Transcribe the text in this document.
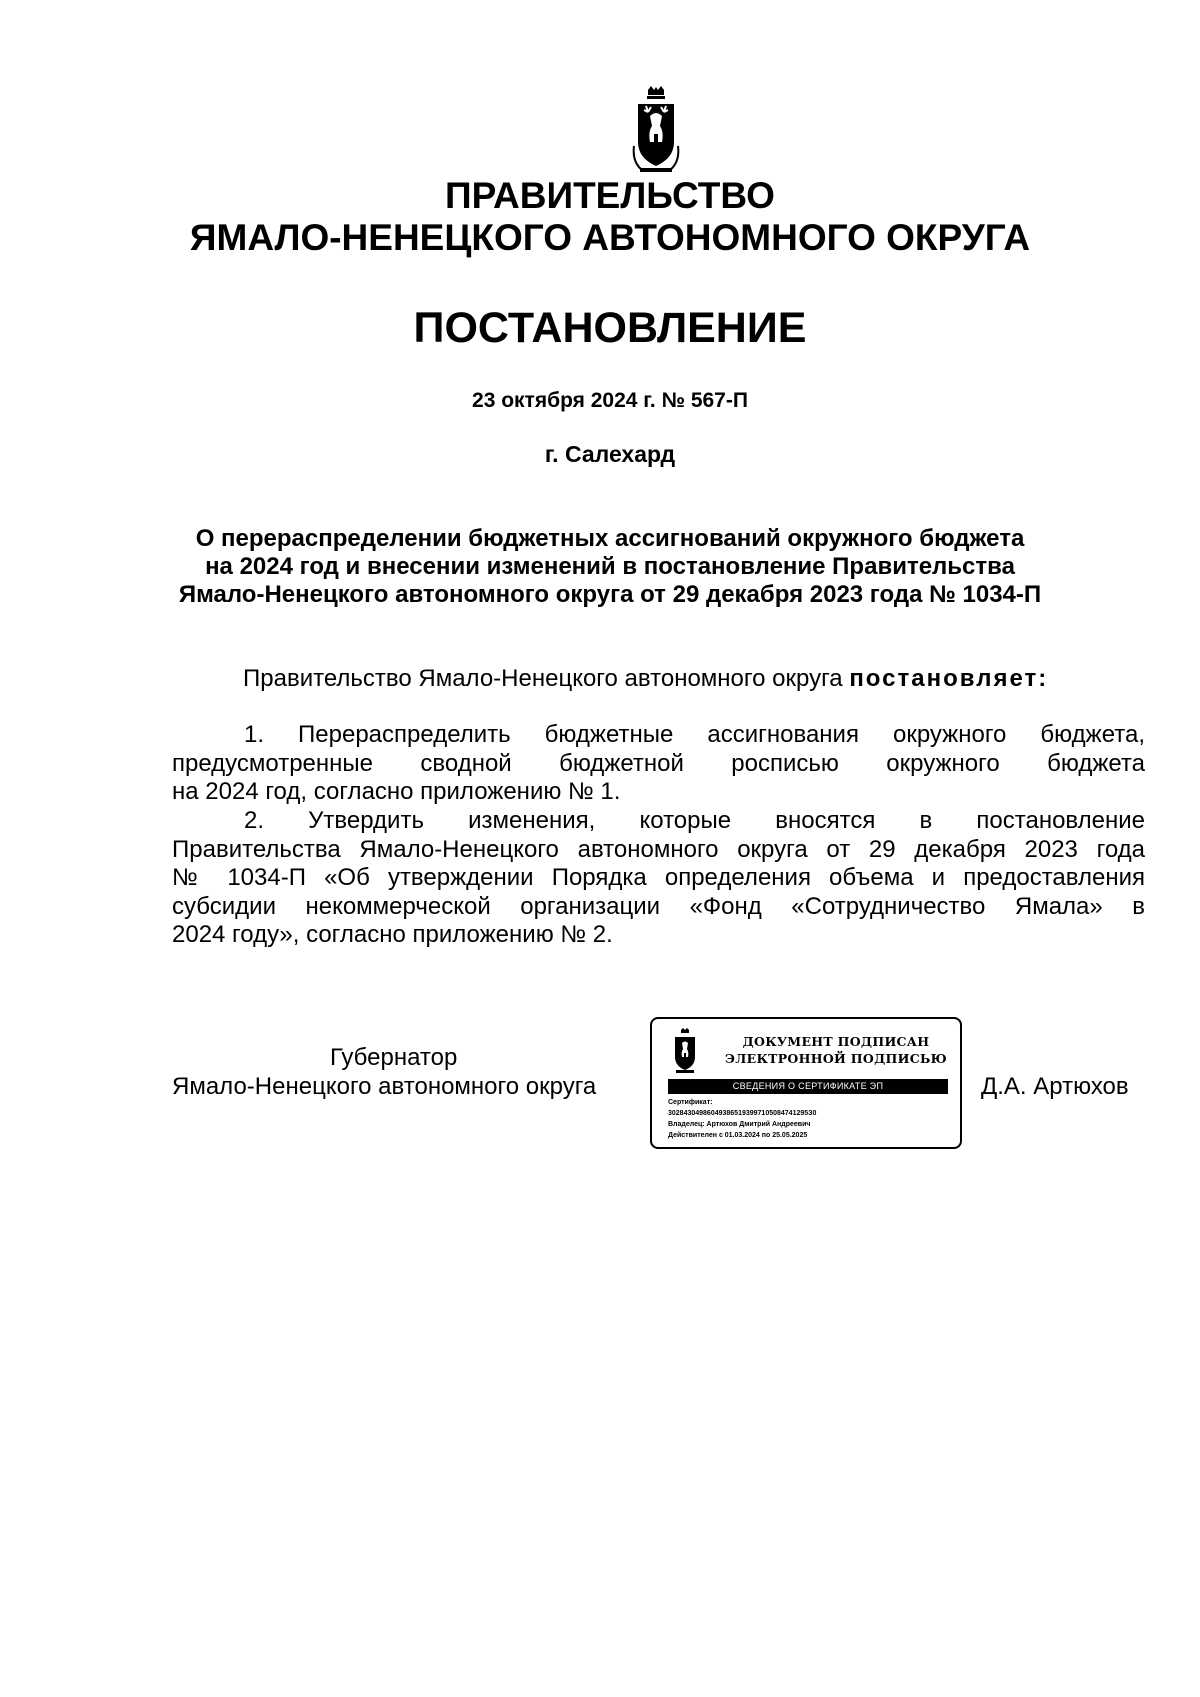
ПРАВИТЕЛЬСТВО
ЯМАЛО-НЕНЕЦКОГО АВТОНОМНОГО ОКРУГА
ПОСТАНОВЛЕНИЕ
23 октября 2024 г. № 567-П
г. Салехард
О перераспределении бюджетных ассигнований окружного бюджета
на 2024 год и внесении изменений в постановление Правительства
Ямало-Ненецкого автономного округа от 29 декабря 2023 года № 1034-П
Правительство Ямало-Ненецкого автономного округа постановляет:
1. Перераспределить бюджетные ассигнования окружного бюджета,
предусмотренные сводной бюджетной росписью окружного бюджета
на 2024 год, согласно приложению № 1.
2. Утвердить изменения, которые вносятся в постановление
Правительства Ямало-Ненецкого автономного округа от 29 декабря 2023 года
№ 1034-П «Об утверждении Порядка определения объема и предоставления
субсидии некоммерческой организации «Фонд «Сотрудничество Ямала» в
2024 году», согласно приложению № 2.
Губернатор
Ямало-Ненецкого автономного округа	Д.А. Артюхов
ДОКУМЕНТ ПОДПИСАН
ЭЛЕКТРОННОЙ ПОДПИСЬЮ
СВЕДЕНИЯ О СЕРТИФИКАТЕ ЭП
Сертификат:
302843049860493865193997105084741295З0
Владелец: Артюхов Дмитрий Андреевич
Действителен с 01.03.2024 по 25.05.2025
